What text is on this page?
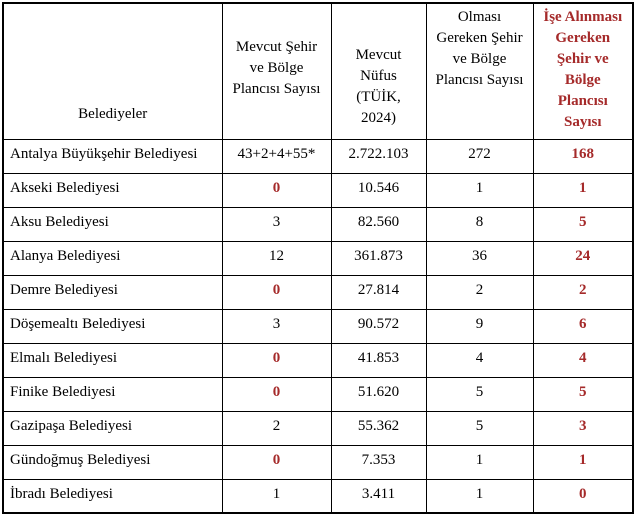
Belediyeler	Mevcut Şehir ve Bölge Plancısı Sayısı	Mevcut Nüfus (TÜİK, 2024)	Olması Gereken Şehir ve Bölge Plancısı Sayısı	İşe Alınması Gereken Şehir ve Bölge Plancısı Sayısı
Antalya Büyükşehir Belediyesi	43+2+4+55*	2.722.103	272	168
Akseki Belediyesi	0	10.546	1	1
Aksu Belediyesi	3	82.560	8	5
Alanya Belediyesi	12	361.873	36	24
Demre Belediyesi	0	27.814	2	2
Döşemealtı Belediyesi	3	90.572	9	6
Elmalı Belediyesi	0	41.853	4	4
Finike Belediyesi	0	51.620	5	5
Gazipaşa Belediyesi	2	55.362	5	3
Gündoğmuş Belediyesi	0	7.353	1	1
İbradı Belediyesi	1	3.411	1	0
